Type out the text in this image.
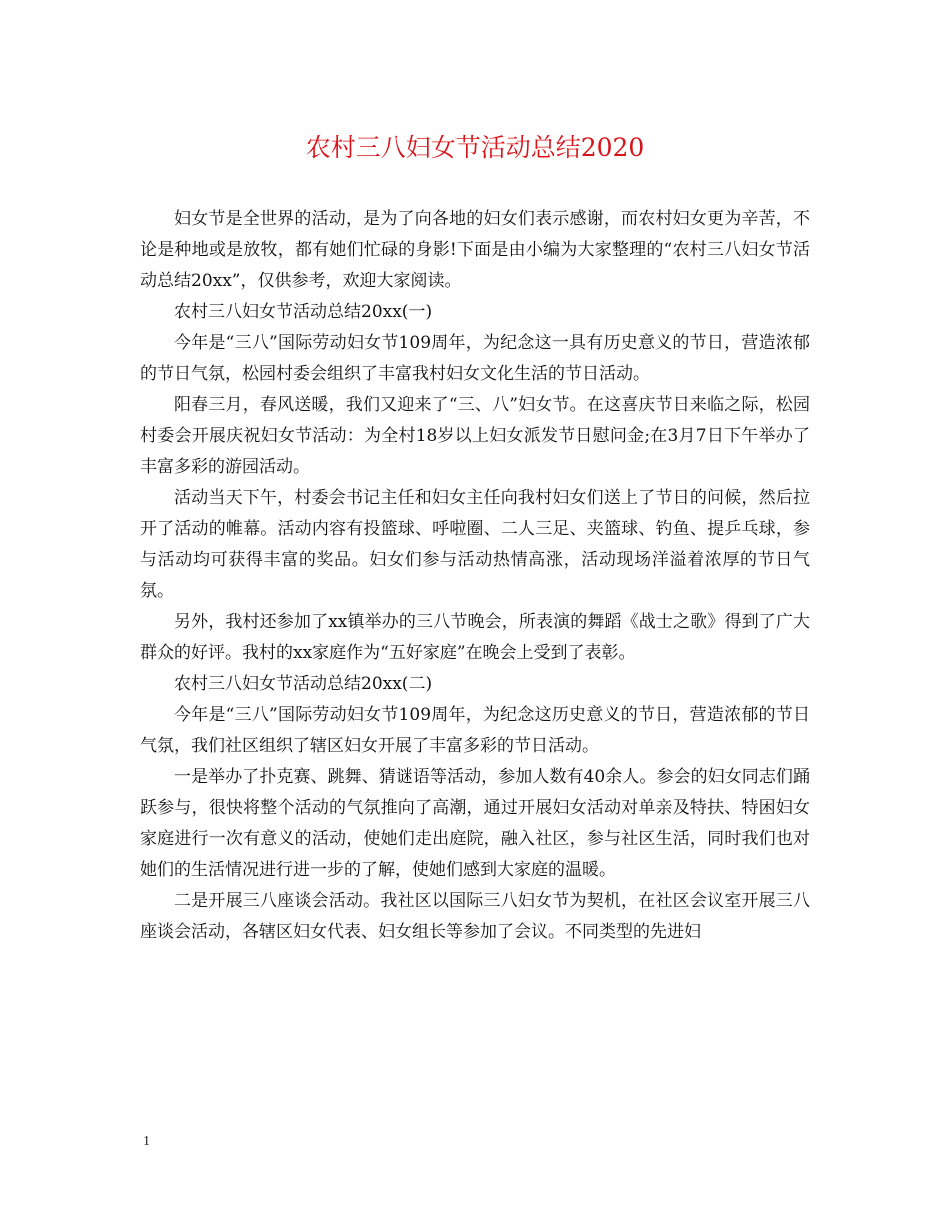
农村三八妇女节活动总结2020

妇女节是全世界的活动，是为了向各地的妇女们表示感谢，而农村妇女更为辛苦，不论是种地或是放牧，都有她们忙碌的身影!下面是由小编为大家整理的“农村三八妇女节活动总结20xx”，仅供参考，欢迎大家阅读。

农村三八妇女节活动总结20xx(一)

今年是“三八”国际劳动妇女节109周年，为纪念这一具有历史意义的节日，营造浓郁的节日气氛，松园村委会组织了丰富我村妇女文化生活的节日活动。

阳春三月，春风送暖，我们又迎来了“三、八”妇女节。在这喜庆节日来临之际，松园村委会开展庆祝妇女节活动：为全村18岁以上妇女派发节日慰问金;在3月7日下午举办了丰富多彩的游园活动。

活动当天下午，村委会书记主任和妇女主任向我村妇女们送上了节日的问候，然后拉开了活动的帷幕。活动内容有投篮球、呼啦圈、二人三足、夹篮球、钓鱼、提乒乓球，参与活动均可获得丰富的奖品。妇女们参与活动热情高涨，活动现场洋溢着浓厚的节日气氛。

另外，我村还参加了xx镇举办的三八节晚会，所表演的舞蹈《战士之歌》得到了广大群众的好评。我村的xx家庭作为“五好家庭”在晚会上受到了表彰。

农村三八妇女节活动总结20xx(二)

今年是“三八”国际劳动妇女节109周年，为纪念这历史意义的节日，营造浓郁的节日气氛，我们社区组织了辖区妇女开展了丰富多彩的节日活动。

一是举办了扑克赛、跳舞、猜谜语等活动，参加人数有40余人。参会的妇女同志们踊跃参与，很快将整个活动的气氛推向了高潮，通过开展妇女活动对单亲及特扶、特困妇女家庭进行一次有意义的活动，使她们走出庭院，融入社区，参与社区生活，同时我们也对她们的生活情况进行进一步的了解，使她们感到大家庭的温暖。

二是开展三八座谈会活动。我社区以国际三八妇女节为契机，在社区会议室开展三八座谈会活动，各辖区妇女代表、妇女组长等参加了会议。不同类型的先进妇

1
